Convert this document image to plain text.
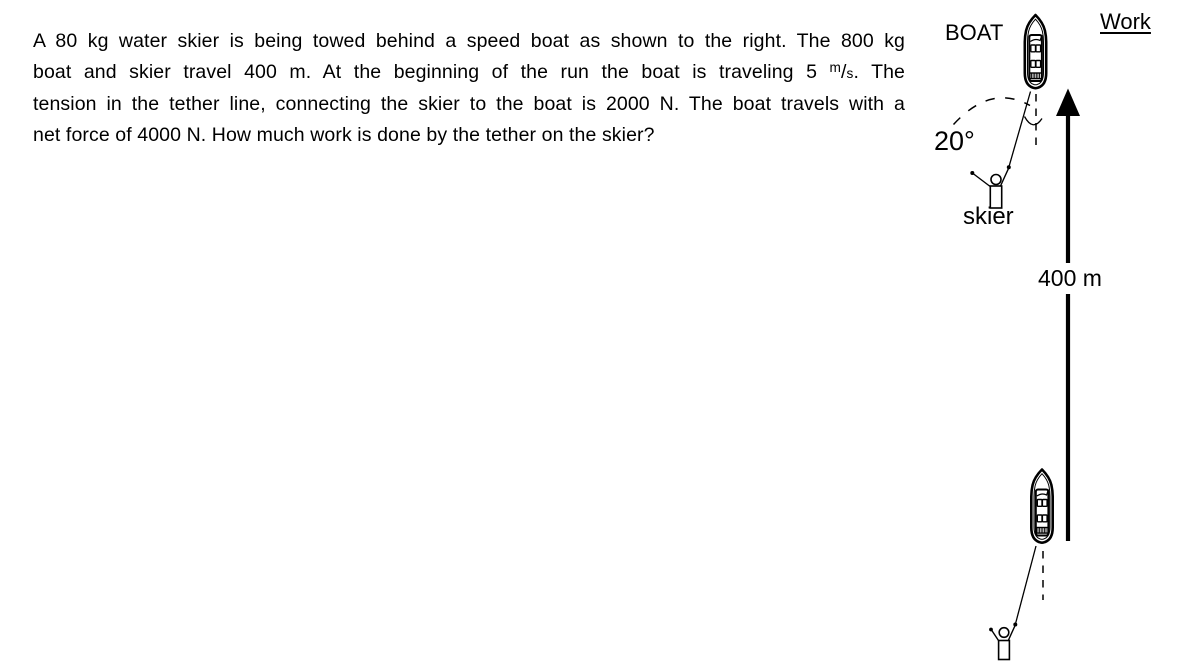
A 80 kg water skier is being towed behind a speed boat as shown to the right. The 800 kg
boat and skier travel 400 m. At the beginning of the run the boat is traveling 5 $^m$/s. The
tension in the tether line, connecting the skier to the boat is 2000 N. The boat travels with a
net force of 4000 N. How much work is done by the tether on the skier?
BOAT	Work
20°
skier
400 m
